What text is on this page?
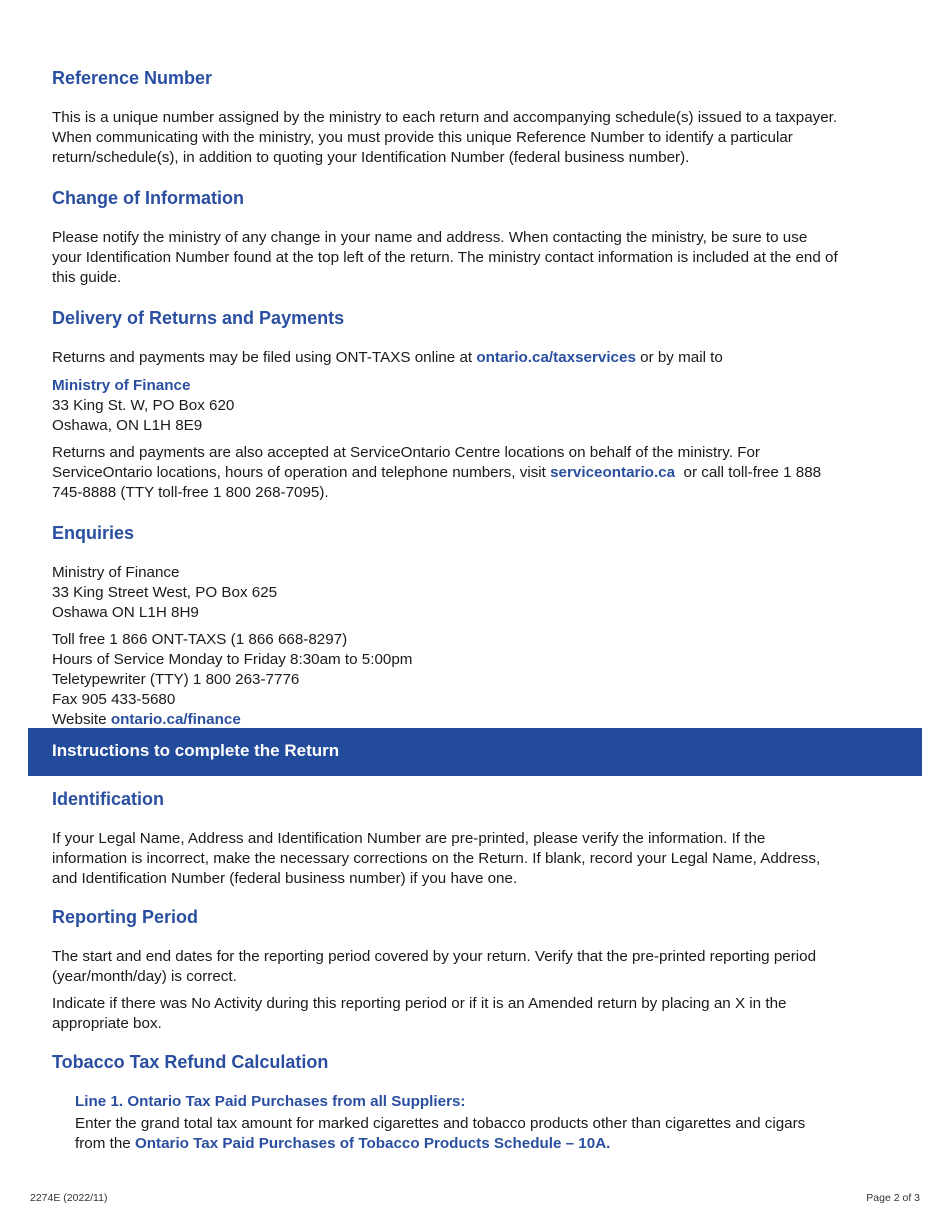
Reference Number

This is a unique number assigned by the ministry to each return and accompanying schedule(s) issued to a taxpayer.

When communicating with the ministry, you must provide this unique Reference Number to identify a particular

return/schedule(s), in addition to quoting your Identification Number (federal business number).

Change of Information

Please notify the ministry of any change in your name and address. When contacting the ministry, be sure to use

your Identification Number found at the top left of the return. The ministry contact information is included at the end of

this guide.

Delivery of Returns and Payments

Returns and payments may be filed using ONT-TAXS online at ontario.ca/taxservices or by mail to

Ministry of Finance

33 King St. W, PO Box 620

Oshawa, ON L1H 8E9

Returns and payments are also accepted at ServiceOntario Centre locations on behalf of the ministry. For

ServiceOntario locations, hours of operation and telephone numbers, visit serviceontario.ca  or call toll-free 1 888

745-8888 (TTY toll-free 1 800 268-7095).

Enquiries

Ministry of Finance

33 King Street West, PO Box 625

Oshawa ON L1H 8H9

Toll free 1 866 ONT-TAXS (1 866 668-8297)

Hours of Service Monday to Friday 8:30am to 5:00pm

Teletypewriter (TTY) 1 800 263-7776

Fax 905 433-5680

Website ontario.ca/finance

Instructions to complete the Return
Identification

If your Legal Name, Address and Identification Number are pre-printed, please verify the information. If the

information is incorrect, make the necessary corrections on the Return. If blank, record your Legal Name, Address,

and Identification Number (federal business number) if you have one.

Reporting Period

The start and end dates for the reporting period covered by your return. Verify that the pre-printed reporting period

(year/month/day) is correct.

Indicate if there was No Activity during this reporting period or if it is an Amended return by placing an X in the

appropriate box.

Tobacco Tax Refund Calculation

Line 1. Ontario Tax Paid Purchases from all Suppliers:

Enter the grand total tax amount for marked cigarettes and tobacco products other than cigarettes and cigars

from the Ontario Tax Paid Purchases of Tobacco Products Schedule – 10A.

2274E (2022/11)	Page 2 of 3
